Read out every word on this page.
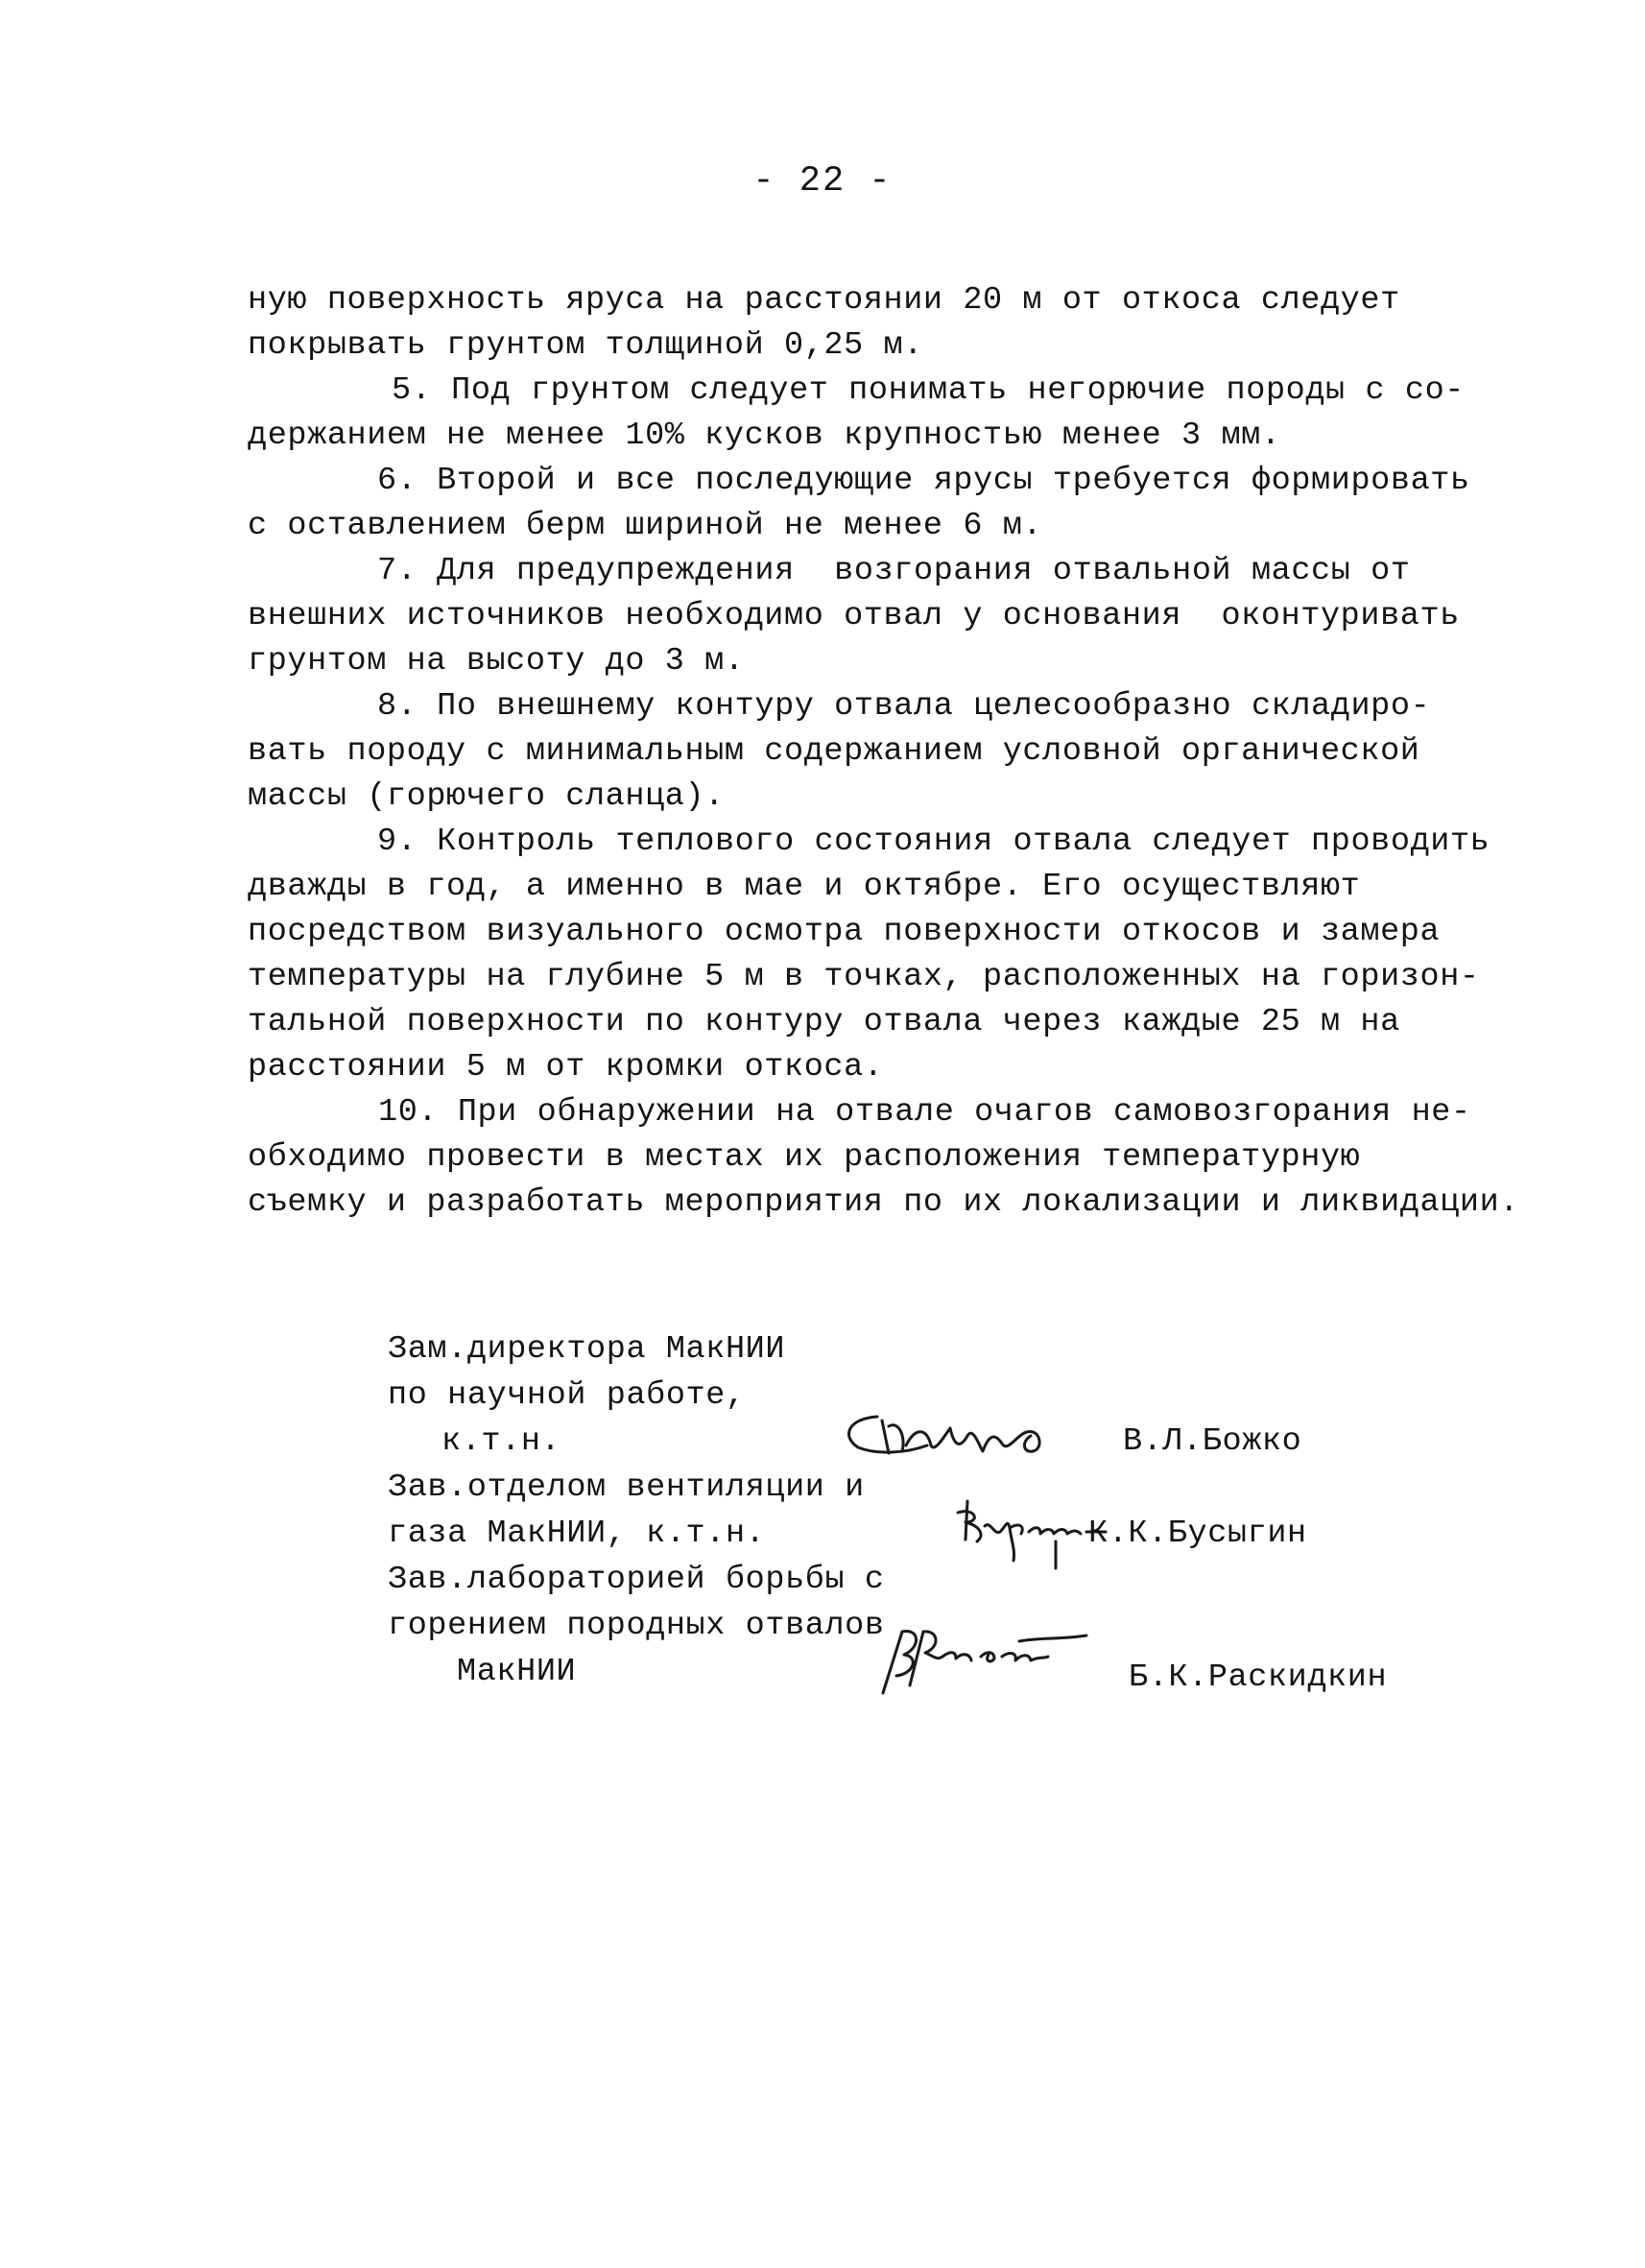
- 22 -
ную поверхность яруса на расстоянии 20 м от откоса следует
покрывать грунтом толщиной 0,25 м.
5. Под грунтом следует понимать негорючие породы с со-
держанием не менее 10% кусков крупностью менее 3 мм.
6. Второй и все последующие ярусы требуется формировать
с оставлением берм шириной не менее 6 м.
7. Для предупреждения  возгорания отвальной массы от
внешних источников необходимо отвал у основания  оконтуривать
грунтом на высоту до 3 м.
8. По внешнему контуру отвала целесообразно складиро-
вать породу с минимальным содержанием условной органической
массы (горючего сланца).
9. Контроль теплового состояния отвала следует проводить
дважды в год, а именно в мае и октябре. Его осуществляют
посредством визуального осмотра поверхности откосов и замера
температуры на глубине 5 м в точках, расположенных на горизон-
тальной поверхности по контуру отвала через каждые 25 м на
расстоянии 5 м от кромки откоса.
10. При обнаружении на отвале очагов самовозгорания не-
обходимо провести в местах их расположения температурную
съемку и разработать мероприятия по их локализации и ликвидации.
Зам.директора МакНИИ
по научной работе,
к.т.н.	В.Л.Божко
Зав.отделом вентиляции и
газа МакНИИ, к.т.н.	К.К.Бусыгин
Зав.лабораторией борьбы с
горением породных отвалов
МакНИИ	Б.К.Раскидкин
